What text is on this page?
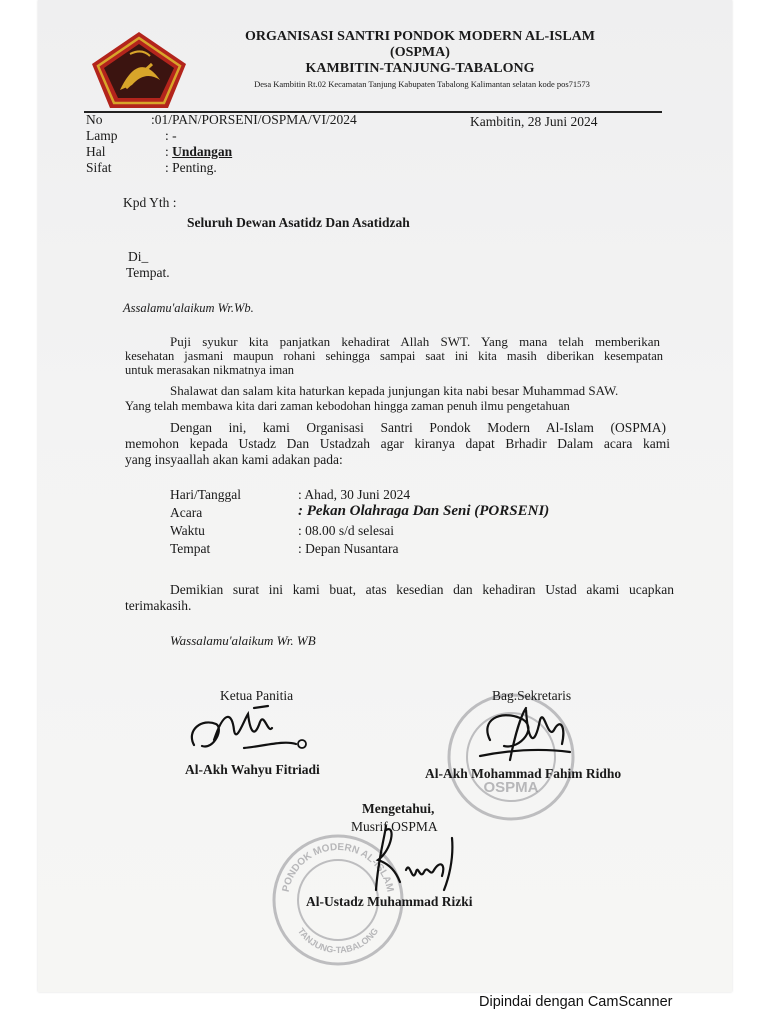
ORGANISASI SANTRI PONDOK MODERN AL-ISLAM
(OSPMA)
KAMBITIN-TANJUNG-TABALONG
Desa Kambitin Rt.02 Kecamatan Tanjung Kabupaten Tabalong Kalimantan selatan kode pos71573
No	:01/PAN/PORSENI/OSPMA/VI/2024	Kambitin, 28 Juni 2024
Lamp	: -
Hal	: Undangan
Sifat	: Penting.
Kpd Yth :
Seluruh Dewan Asatidz Dan Asatidzah
Di_
Tempat.
Assalamu'alaikum Wr.Wb.
Puji syukur kita panjatkan kehadirat Allah SWT. Yang mana telah memberikan
kesehatan jasmani maupun rohani sehingga sampai saat ini kita masih diberikan kesempatan
untuk merasakan nikmatnya iman
Shalawat dan salam kita haturkan kepada junjungan kita nabi besar Muhammad SAW.
Yang telah membawa kita dari zaman kebodohan hingga zaman penuh ilmu pengetahuan
Dengan ini, kami Organisasi Santri Pondok Modern Al-Islam (OSPMA)
memohon kepada Ustadz Dan Ustadzah agar kiranya dapat Brhadir Dalam acara kami
yang insyaallah akan kami adakan pada:
Hari/Tanggal	: Ahad, 30 Juni 2024
Acara	: Pekan Olahraga Dan Seni (PORSENI)
Waktu	: 08.00 s/d selesai
Tempat	: Depan Nusantara
Demikian surat ini kami buat, atas kesedian dan kehadiran Ustad akami ucapkan
terimakasih.
Wassalamu'alaikum Wr. WB
OSPMA
PONDOK MODERN AL-ISLAM
TANJUNG-TABALONG
Ketua Panitia
Al-Akh Wahyu Fitriadi
Bag.Sekretaris
Al-Akh Mohammad Fahim Ridho
Mengetahui,
Musrif OSPMA
Al-Ustadz Muhammad Rizki
Dipindai dengan CamScanner
